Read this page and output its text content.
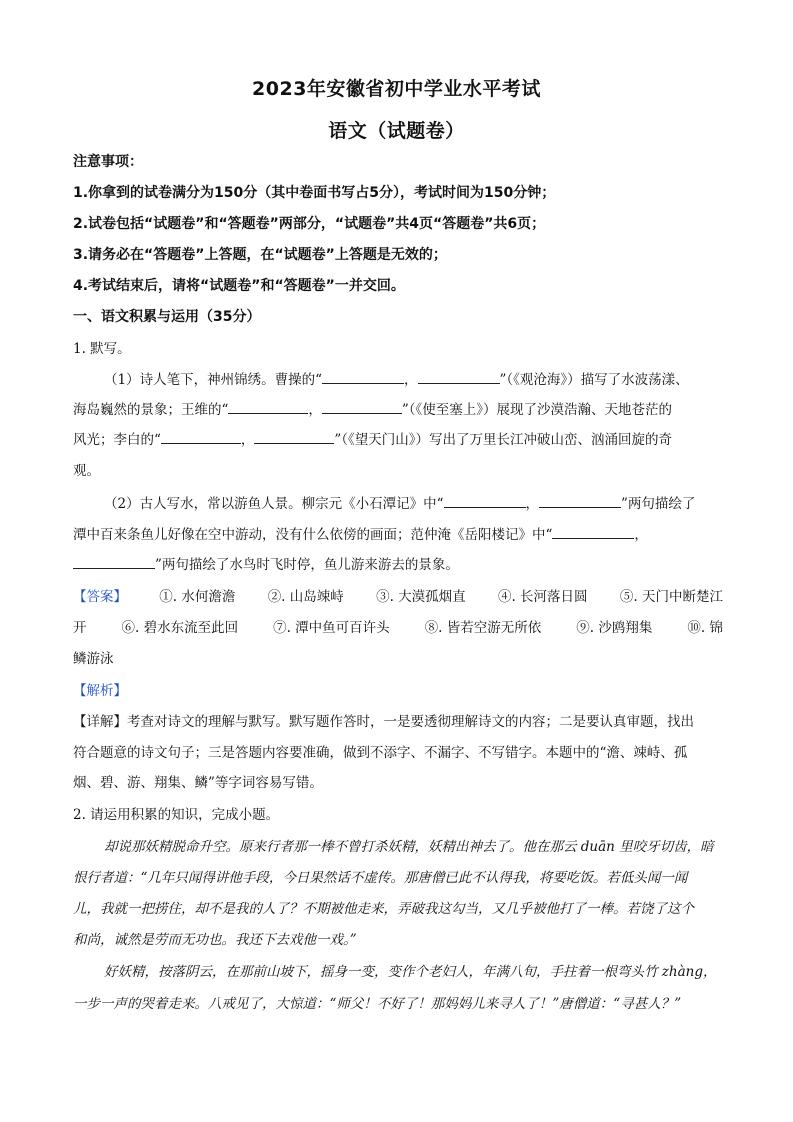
2023年安徽省初中学业水平考试
语文（试题卷）
注意事项：
1.你拿到的试卷满分为150分（其中卷面书写占5分），考试时间为150分钟；
2.试卷包括“试题卷”和“答题卷”两部分，“试题卷”共4页“答题卷”共6页；
3.请务必在“答题卷”上答题，在“试题卷”上答题是无效的；
4.考试结束后，请将“试题卷”和“答题卷”一并交回。
一、语文积累与运用（35分）
1. 默写。
（1）诗人笔下，神州锦绣。曹操的“	，	”（《观沧海》）描写了水波荡漾、
海岛巍然的景象；王维的“	，	”（《使至塞上》）展现了沙漠浩瀚、天地苍茫的
风光；李白的“	，	”（《望天门山》）写出了万里长江冲破山峦、汹涌回旋的奇
观。
（2）古人写水，常以游鱼人景。柳宗元《小石潭记》中“	，	”两句描绘了
潭中百来条鱼儿好像在空中游动，没有什么依傍的画面；范仲淹《岳阳楼记》中“	，
”两句描绘了水鸟时飞时停，鱼儿游来游去的景象。
【答案】 ①. 水何澹澹 ②. 山岛竦峙 ③. 大漠孤烟直 ④. 长河落日圆 ⑤. 天门中断楚江
开	⑥. 碧水东流至此回	⑦. 潭中鱼可百许头	⑧. 皆若空游无所依	⑨. 沙鸥翔集	⑩. 锦
鳞游泳
【解析】
【详解】考查对诗文的理解与默写。默写题作答时，一是要透彻理解诗文的内容；二是要认真审题，找出
符合题意的诗文句子；三是答题内容要准确，做到不添字、不漏字、不写错字。本题中的“澹、竦峙、孤
烟、碧、游、翔集、鳞”等字词容易写错。
2. 请运用积累的知识，完成小题。
却说那妖精脱命升空。原来行者那一棒不曾打杀妖精，妖精出神去了。他在那云 duān 里咬牙切齿，暗
恨行者道：“几年只闻得讲他手段，今日果然话不虚传。那唐僧已此不认得我，将要吃饭。若低头闻一闻
儿，我就一把捞住，却不是我的人了？不期被他走来，弄破我这勾当，又几乎被他打了一棒。若饶了这个
和尚，诚然是劳而无功也。我还下去戏他一戏。”
好妖精，按落阴云，在那前山坡下，摇身一变，变作个老妇人，年满八旬，手拄着一根弯头竹 zhàng，
一步一声的哭着走来。八戒见了，大惊道：“师父！不好了！那妈妈儿来寻人了！”唐僧道：“寻甚人？”
